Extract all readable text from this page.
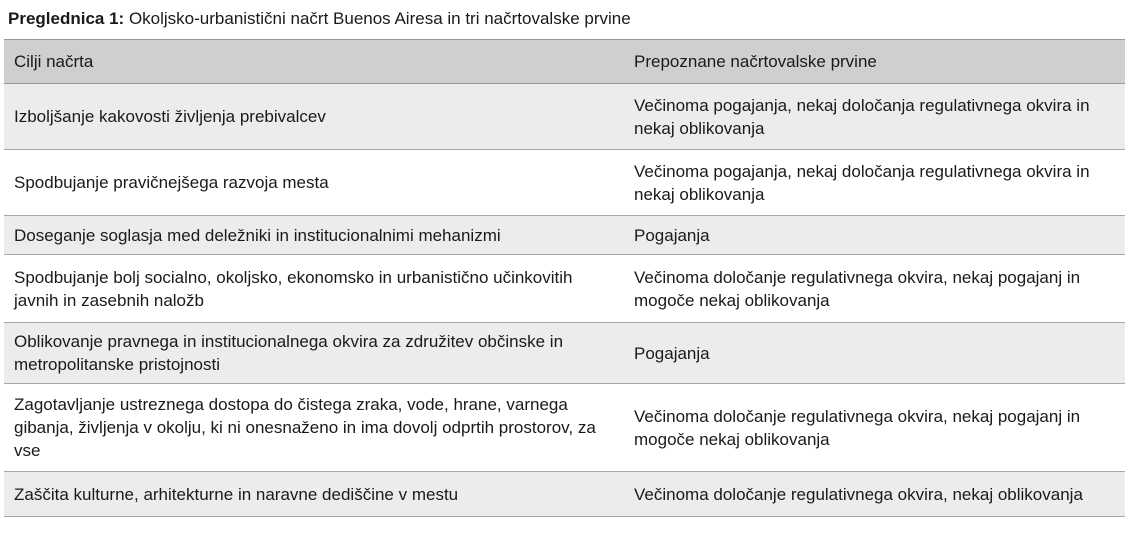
Preglednica 1: Okoljsko-urbanistični načrt Buenos Airesa in tri načrtovalske prvine
Cilji načrta	Prepoznane načrtovalske prvine
Izboljšanje kakovosti življenja prebivalcev	Večinoma pogajanja, nekaj določanja regulativnega okvira in nekaj oblikovanja
Spodbujanje pravičnejšega razvoja mesta	Večinoma pogajanja, nekaj določanja regulativnega okvira in nekaj oblikovanja
Doseganje soglasja med deležniki in institucionalnimi mehanizmi	Pogajanja
Spodbujanje bolj socialno, okoljsko, ekonomsko in urbanistično učinkovitih javnih in zasebnih naložb	Večinoma določanje regulativnega okvira, nekaj pogajanj in mogoče nekaj oblikovanja
Oblikovanje pravnega in institucionalnega okvira za združitev občinske in metropolitanske pristojnosti	Pogajanja
Zagotavljanje ustreznega dostopa do čistega zraka, vode, hrane, varnega gibanja, življenja v okolju, ki ni onesnaženo in ima dovolj odprtih prostorov, za vse	Večinoma določanje regulativnega okvira, nekaj pogajanj in mogoče nekaj oblikovanja
Zaščita kulturne, arhitekturne in naravne dediščine v mestu	Večinoma določanje regulativnega okvira, nekaj oblikovanja
